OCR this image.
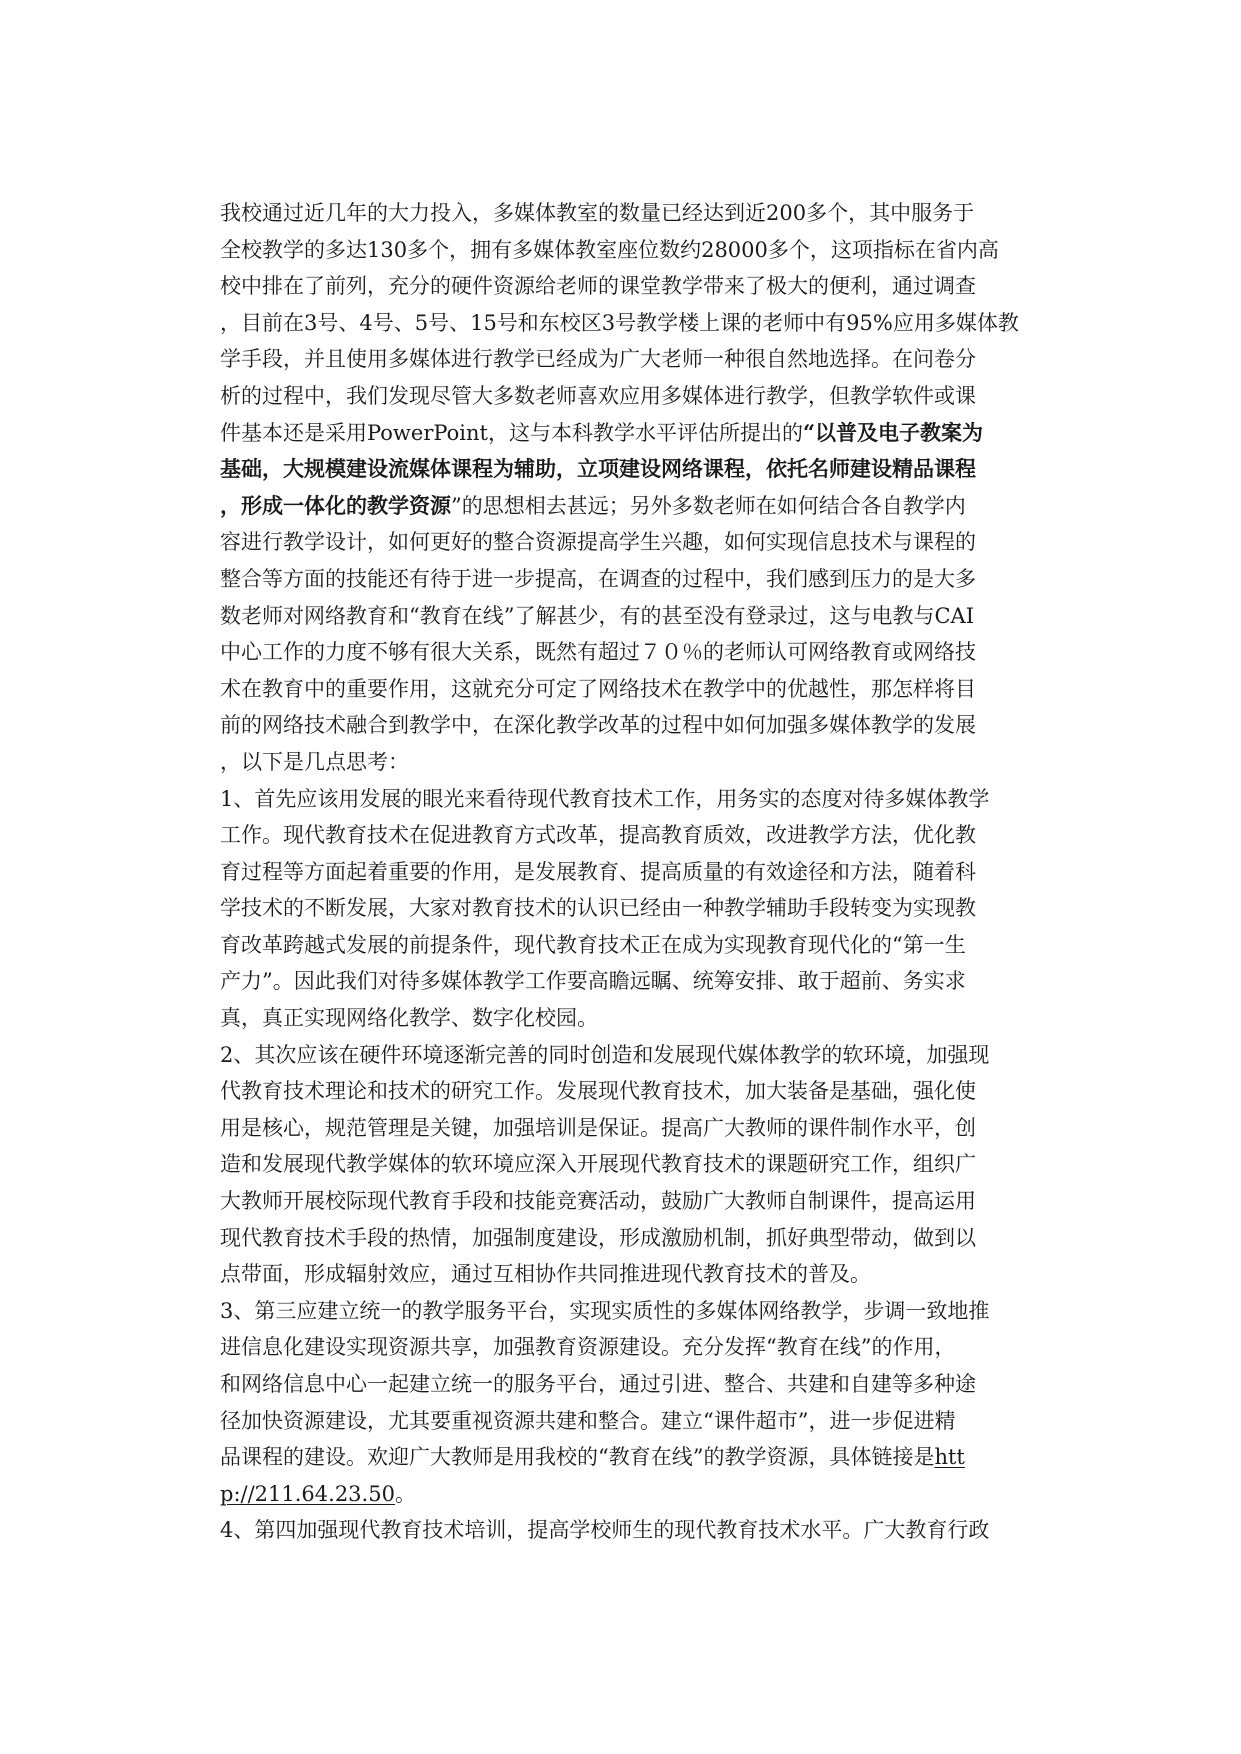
我校通过近几年的大力投入，多媒体教室的数量已经达到近200多个，其中服务于
全校教学的多达130多个，拥有多媒体教室座位数约28000多个，这项指标在省内高
校中排在了前列，充分的硬件资源给老师的课堂教学带来了极大的便利，通过调查
，目前在3号、4号、5号、15号和东校区3号教学楼上课的老师中有95%应用多媒体教
学手段，并且使用多媒体进行教学已经成为广大老师一种很自然地选择。在问卷分
析的过程中，我们发现尽管大多数老师喜欢应用多媒体进行教学，但教学软件或课
件基本还是采用PowerPoint，这与本科教学水平评估所提出的“以普及电子教案为
基础，大规模建设流媒体课程为辅助，立项建设网络课程，依托名师建设精品课程
，形成一体化的教学资源”的思想相去甚远；另外多数老师在如何结合各自教学内
容进行教学设计，如何更好的整合资源提高学生兴趣，如何实现信息技术与课程的
整合等方面的技能还有待于进一步提高，在调查的过程中，我们感到压力的是大多
数老师对网络教育和“教育在线”了解甚少，有的甚至没有登录过，这与电教与CAI
中心工作的力度不够有很大关系，既然有超过７０％的老师认可网络教育或网络技
术在教育中的重要作用，这就充分可定了网络技术在教学中的优越性，那怎样将目
前的网络技术融合到教学中，在深化教学改革的过程中如何加强多媒体教学的发展
，以下是几点思考：
1、首先应该用发展的眼光来看待现代教育技术工作，用务实的态度对待多媒体教学
工作。现代教育技术在促进教育方式改革，提高教育质效，改进教学方法，优化教
育过程等方面起着重要的作用，是发展教育、提高质量的有效途径和方法，随着科
学技术的不断发展，大家对教育技术的认识已经由一种教学辅助手段转变为实现教
育改革跨越式发展的前提条件，现代教育技术正在成为实现教育现代化的“第一生
产力”。因此我们对待多媒体教学工作要高瞻远瞩、统筹安排、敢于超前、务实求
真，真正实现网络化教学、数字化校园。
2、其次应该在硬件环境逐渐完善的同时创造和发展现代媒体教学的软环境，加强现
代教育技术理论和技术的研究工作。发展现代教育技术，加大装备是基础，强化使
用是核心，规范管理是关键，加强培训是保证。提高广大教师的课件制作水平，创
造和发展现代教学媒体的软环境应深入开展现代教育技术的课题研究工作，组织广
大教师开展校际现代教育手段和技能竞赛活动，鼓励广大教师自制课件，提高运用
现代教育技术手段的热情，加强制度建设，形成激励机制，抓好典型带动，做到以
点带面，形成辐射效应，通过互相协作共同推进现代教育技术的普及。
3、第三应建立统一的教学服务平台，实现实质性的多媒体网络教学，步调一致地推
进信息化建设实现资源共享，加强教育资源建设。充分发挥“教育在线”的作用，
和网络信息中心一起建立统一的服务平台，通过引进、整合、共建和自建等多种途
径加快资源建设，尤其要重视资源共建和整合。建立“课件超市”，进一步促进精
品课程的建设。欢迎广大教师是用我校的“教育在线”的教学资源，具体链接是htt
p://211.64.23.50。
4、第四加强现代教育技术培训，提高学校师生的现代教育技术水平。广大教育行政
